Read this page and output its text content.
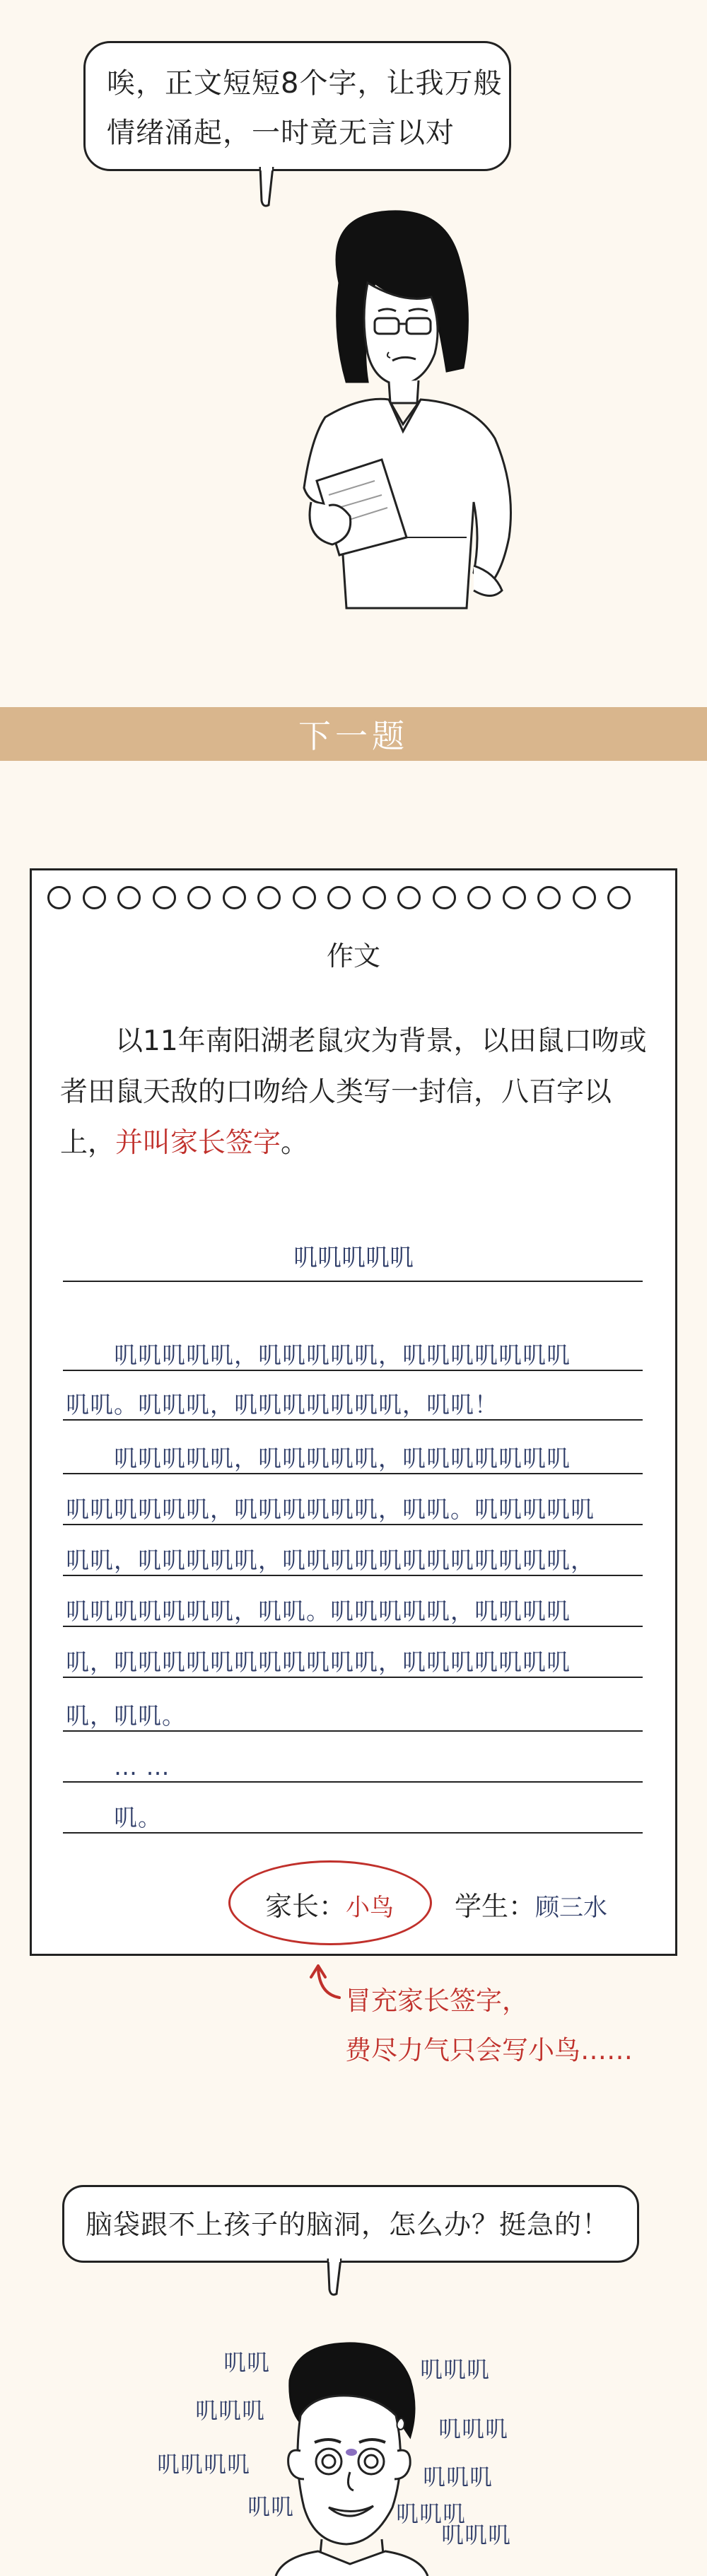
唉，正文短短8个字，让我万般
情绪涌起，一时竟无言以对
下一题
作文
以11年南阳湖老鼠灾为背景，以田鼠口吻或者田鼠天敌的口吻给人类写一封信，八百字以上，并叫家长签字。
叽叽叽叽叽
　　叽叽叽叽叽，叽叽叽叽叽，叽叽叽叽叽叽叽
叽叽。叽叽叽，叽叽叽叽叽叽叽，叽叽！
　　叽叽叽叽叽，叽叽叽叽叽，叽叽叽叽叽叽叽
叽叽叽叽叽叽，叽叽叽叽叽叽，叽叽。叽叽叽叽叽
叽叽，叽叽叽叽叽，叽叽叽叽叽叽叽叽叽叽叽叽，
叽叽叽叽叽叽叽，叽叽。叽叽叽叽叽，叽叽叽叽
叽，叽叽叽叽叽叽叽叽叽叽叽，叽叽叽叽叽叽叽
叽，叽叽。
　　… …
　　叽。
家长：小鸟 学生：顾三水
冒充家长签字，
费尽力气只会写小鸟……
脑袋跟不上孩子的脑洞，怎么办？挺急的！
叽叽
叽叽叽
叽叽叽
叽叽叽
叽叽叽叽	叽叽叽
叽叽	叽叽叽
叽叽叽
